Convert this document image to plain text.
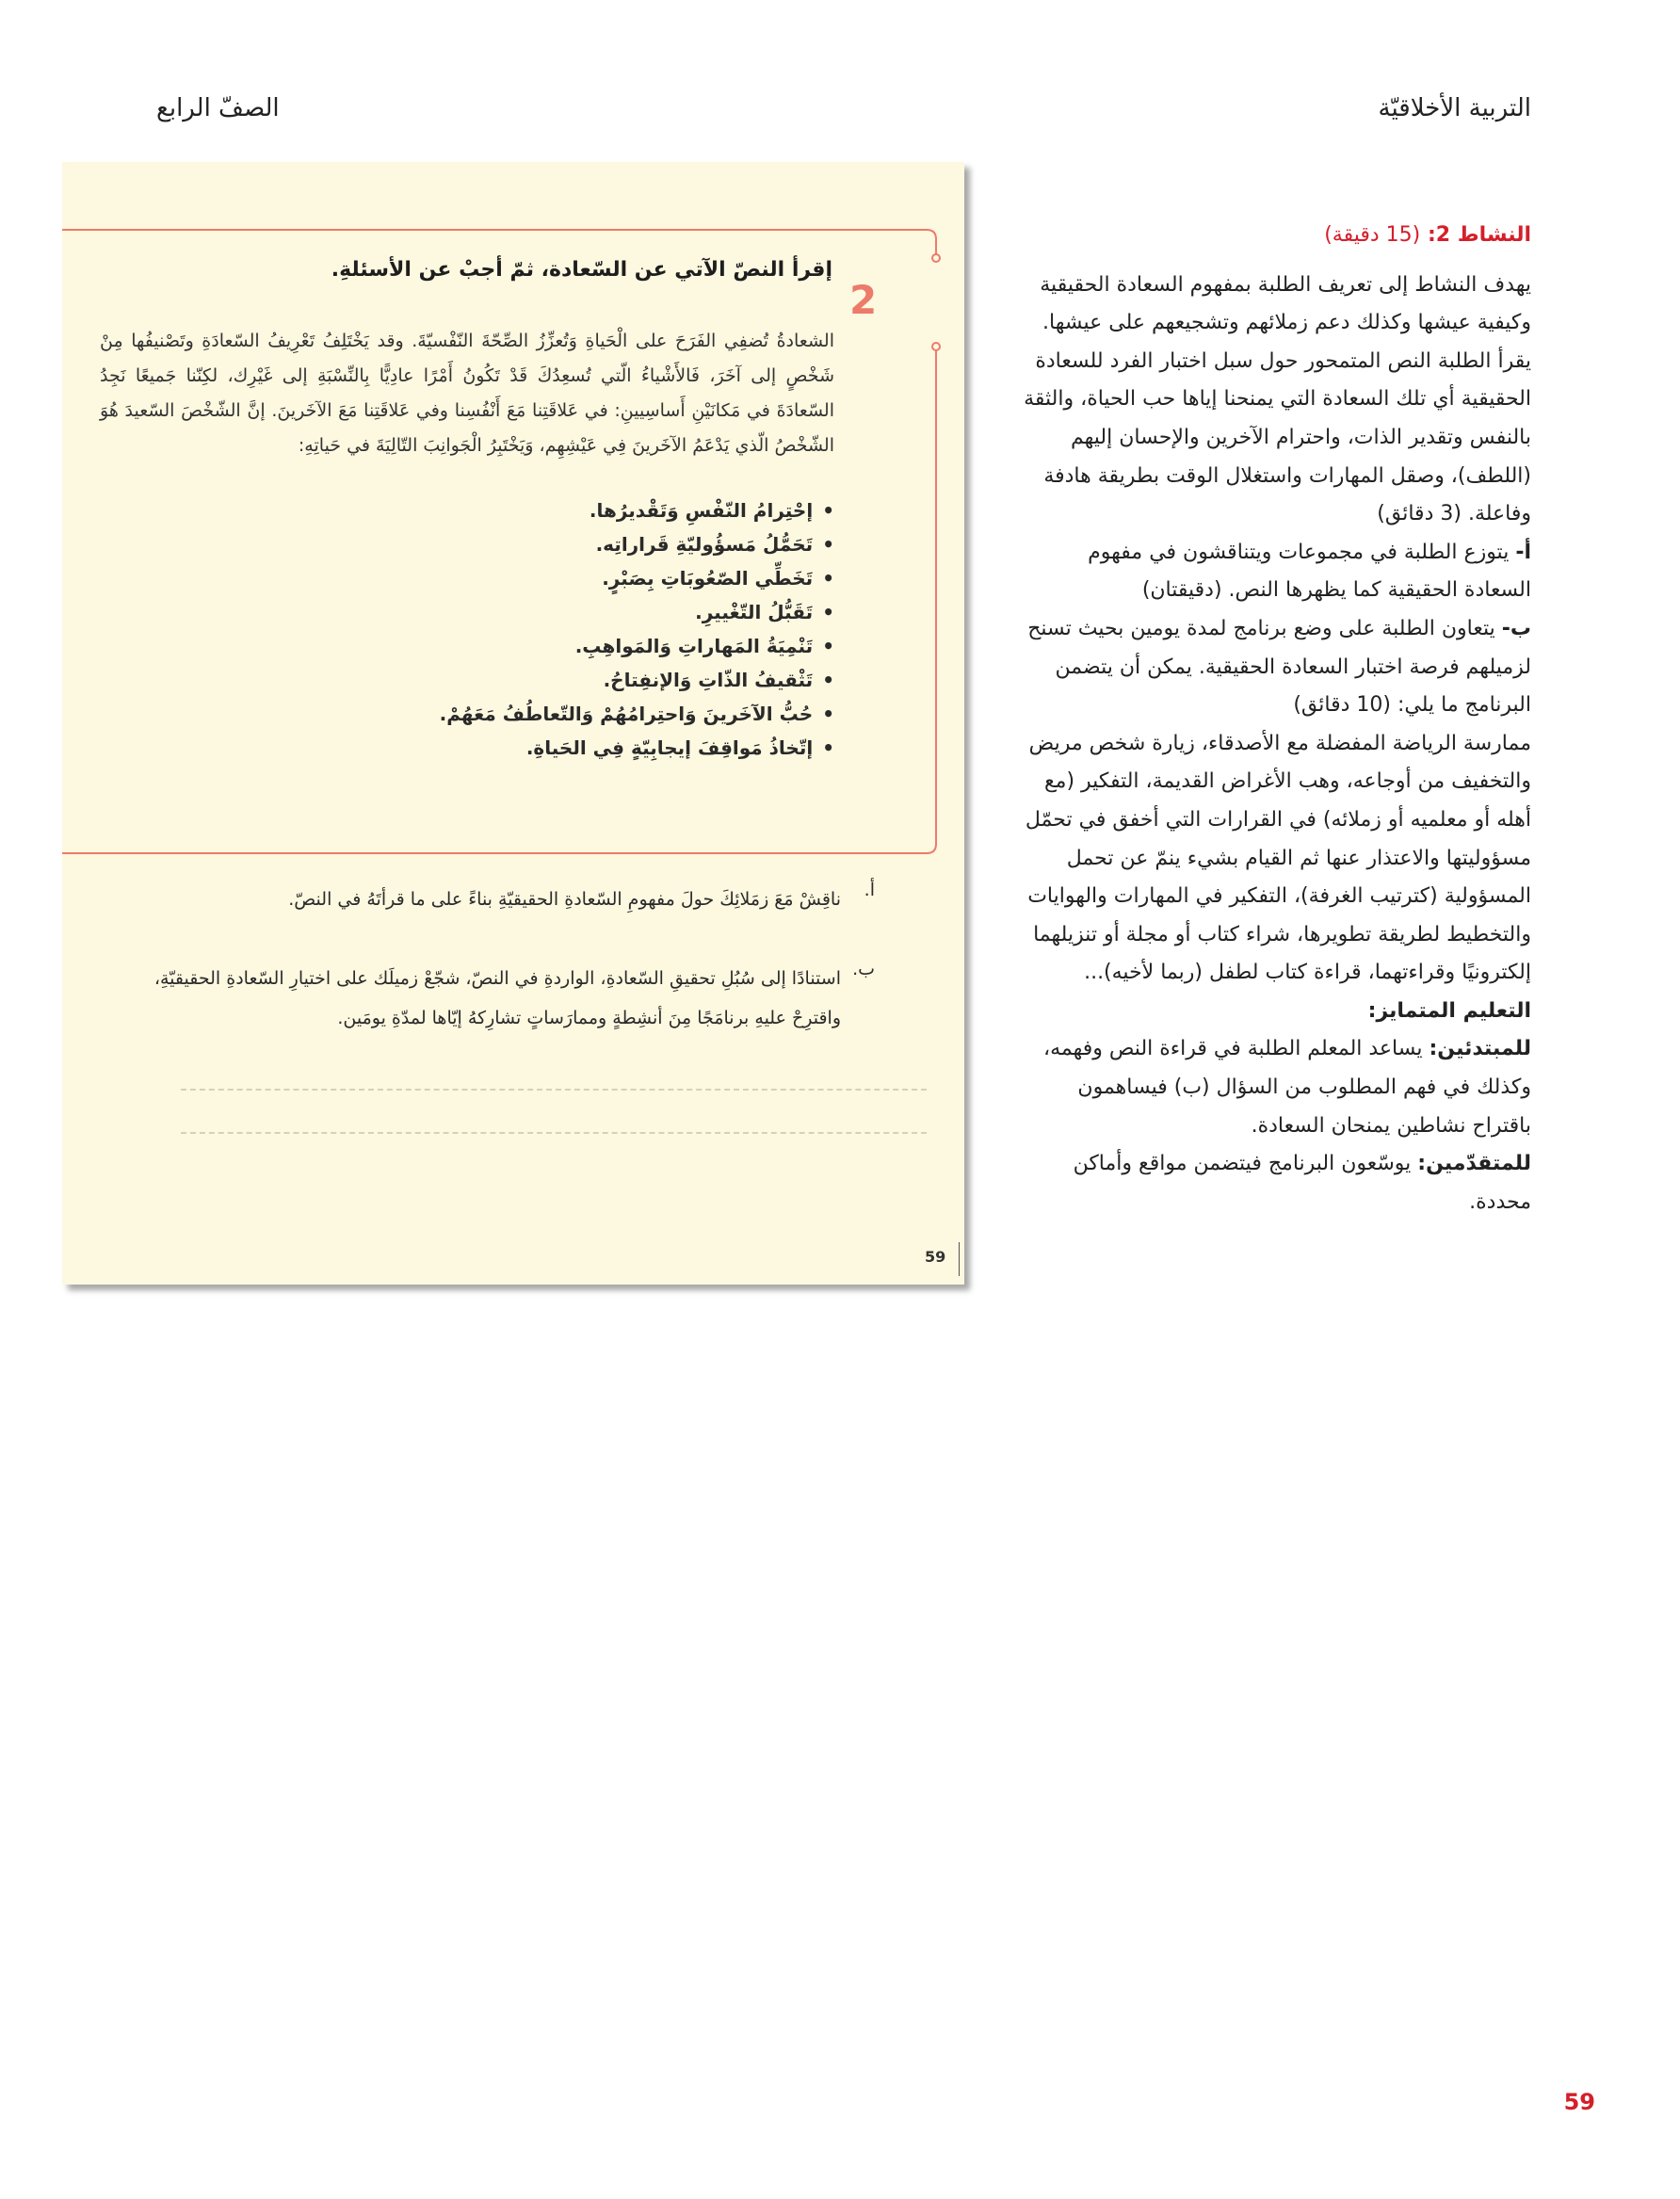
التربية الأخلاقيّة
الصفّ الرابع
2
إقرأ النصّ الآتي عن السّعادة، ثمّ أجبْ عن الأسئلةِ.
الشعادةُ تُضفِي الفَرَحَ على الْحَياةِ وَتُعزِّزُ الصِّحّةَ النّفْسيّةَ. وقد يَخْتَلِفُ تَعْرِيفُ السّعادَةِ وتَصْنيفُها مِنْ شَخْصٍ إلى آخَرَ، فَالأَشْياءُ الّتي تُسعِدُكَ قَدْ تَكُونُ أَمْرًا عادِيًّا بِالنِّسْبَةِ إلى غَيْرِك، لكِنّنا جَميعًا نَجِدُ السّعادَةَ في مَكانَيْنِ أَساسِيينِ: في عَلاقَتِنا مَعَ أَنْفُسِنا وفي عَلاقَتِنا مَعَ الآخَرينَ. إنَّ الشّخْصَ السّعيدَ هُوَ الشّخْصُ الّذي يَدْعَمُ الآخَرينَ فِي عَيْشِهِم، وَيَخْتَبِرُ الْجَوانِبَ التّالِيَةَ في حَياتِهِ:
• إحْتِرامُ النّفْسِ وَتَقْديرُها.
• تَحَمُّلُ مَسؤُوليّةِ قَراراتِه.
• تَخَطِّي الصّعُوبَاتِ بِصَبْرٍ.
• تَقَبُّلُ التّغْييرِ.
• تَنْمِيَةُ المَهاراتِ وَالمَواهِبِ.
• تَثْقيفُ الذّاتِ وَالإنفِتاحُ.
• حُبُّ الآخَرينَ وَاحتِرامُهُمْ وَالتّعاطُفُ مَعَهُمْ.
• إتّخاذُ مَواقِفَ إيجابِيّةٍ فِي الحَياةِ.
أ.
ناقِشْ مَعَ زمَلائِكَ حولَ مفهومِ السّعادةِ الحقيقيّةِ بناءً على ما قرأتَهُ في النصّ.
ب.
استنادًا إلى سُبُلِ تحقيقِ السّعادةِ، الواردةِ في النصّ، شجّعْ زميلَك على اختيارِ السّعادةِ الحقيقيّةِ، واقترِحْ عليهِ برنامَجًا مِنَ أنشِطةٍ وممارَساتٍ تشارِكهُ إيّاها لمدّةِ يومَين.
59

النشاط 2: (15 دقيقة)

يهدف النشاط إلى تعريف الطلبة بمفهوم السعادة الحقيقية وكيفية عيشها وكذلك دعم زملائهم وتشجيعهم على عيشها. يقرأ الطلبة النص المتمحور حول سبل اختبار الفرد للسعادة الحقيقية أي تلك السعادة التي يمنحنا إياها حب الحياة، والثقة بالنفس وتقدير الذات، واحترام الآخرين والإحسان إليهم (اللطف)، وصقل المهارات واستغلال الوقت بطريقة هادفة وفاعلة. (3 دقائق)

أ- يتوزع الطلبة في مجموعات ويتناقشون في مفهوم السعادة الحقيقية كما يظهرها النص. (دقيقتان)

ب- يتعاون الطلبة على وضع برنامج لمدة يومين بحيث تسنح لزميلهم فرصة اختبار السعادة الحقيقية. يمكن أن يتضمن البرنامج ما يلي: (10 دقائق)

ممارسة الرياضة المفضلة مع الأصدقاء، زيارة شخص مريض والتخفيف من أوجاعه، وهب الأغراض القديمة، التفكير (مع أهله أو معلميه أو زملائه) في القرارات التي أخفق في تحمّل مسؤوليتها والاعتذار عنها ثم القيام بشيء ينمّ عن تحمل المسؤولية (كترتيب الغرفة)، التفكير في المهارات والهوايات والتخطيط لطريقة تطويرها، شراء كتاب أو مجلة أو تنزيلهما إلكترونيًا وقراءتهما، قراءة كتاب لطفل (ربما لأخيه)...

التعليم المتمايز:

للمبتدئين: يساعد المعلم الطلبة في قراءة النص وفهمه، وكذلك في فهم المطلوب من السؤال (ب) فيساهمون باقتراح نشاطين يمنحان السعادة.

للمتقدّمين: يوسّعون البرنامج فيتضمن مواقع وأماكن محددة.

59
